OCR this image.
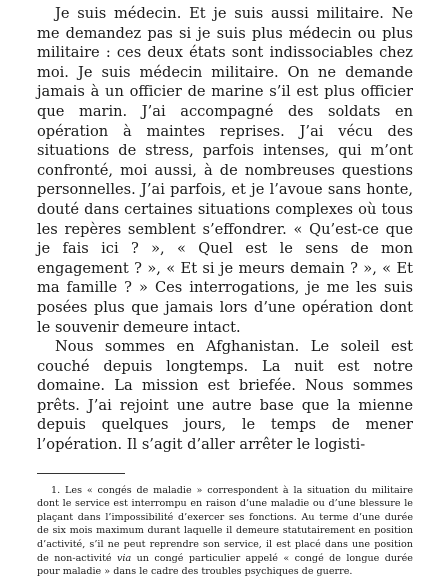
Je suis médecin. Et je suis aussi militaire. Ne me demandez pas si je suis plus médecin ou plus militaire : ces deux états sont indissociables chez moi. Je suis médecin militaire. On ne demande jamais à un officier de marine s’il est plus officier que marin. J’ai accompagné des soldats en opération à maintes reprises. J’ai vécu des situations de stress, parfois intenses, qui m’ont confronté, moi aussi, à de nombreuses questions personnelles. J’ai parfois, et je l’avoue sans honte, douté dans certaines situations complexes où tous les repères semblent s’effondrer. « Qu’est-ce que je fais ici ? », « Quel est le sens de mon engagement ? », « Et si je meurs demain ? », « Et ma famille ? » Ces interrogations, je me les suis posées plus que jamais lors d’une opération dont le souvenir demeure intact.

Nous sommes en Afghanistan. Le soleil est couché depuis longtemps. La nuit est notre domaine. La mission est briefée. Nous sommes prêts. J’ai rejoint une autre base que la mienne depuis quelques jours, le temps de mener l’opération. Il s’agit d’aller arrêter le logisti-

1. Les « congés de maladie » correspondent à la situation du militaire dont le service est interrompu en raison d’une maladie ou d’une blessure le plaçant dans l’impossibilité d’exercer ses fonctions. Au terme d’une durée de six mois maximum durant laquelle il demeure statutairement en position d’activité, s’il ne peut reprendre son service, il est placé dans une position de non-activité via un congé particulier appelé « congé de longue durée pour maladie » dans le cadre des troubles psychiques de guerre.
